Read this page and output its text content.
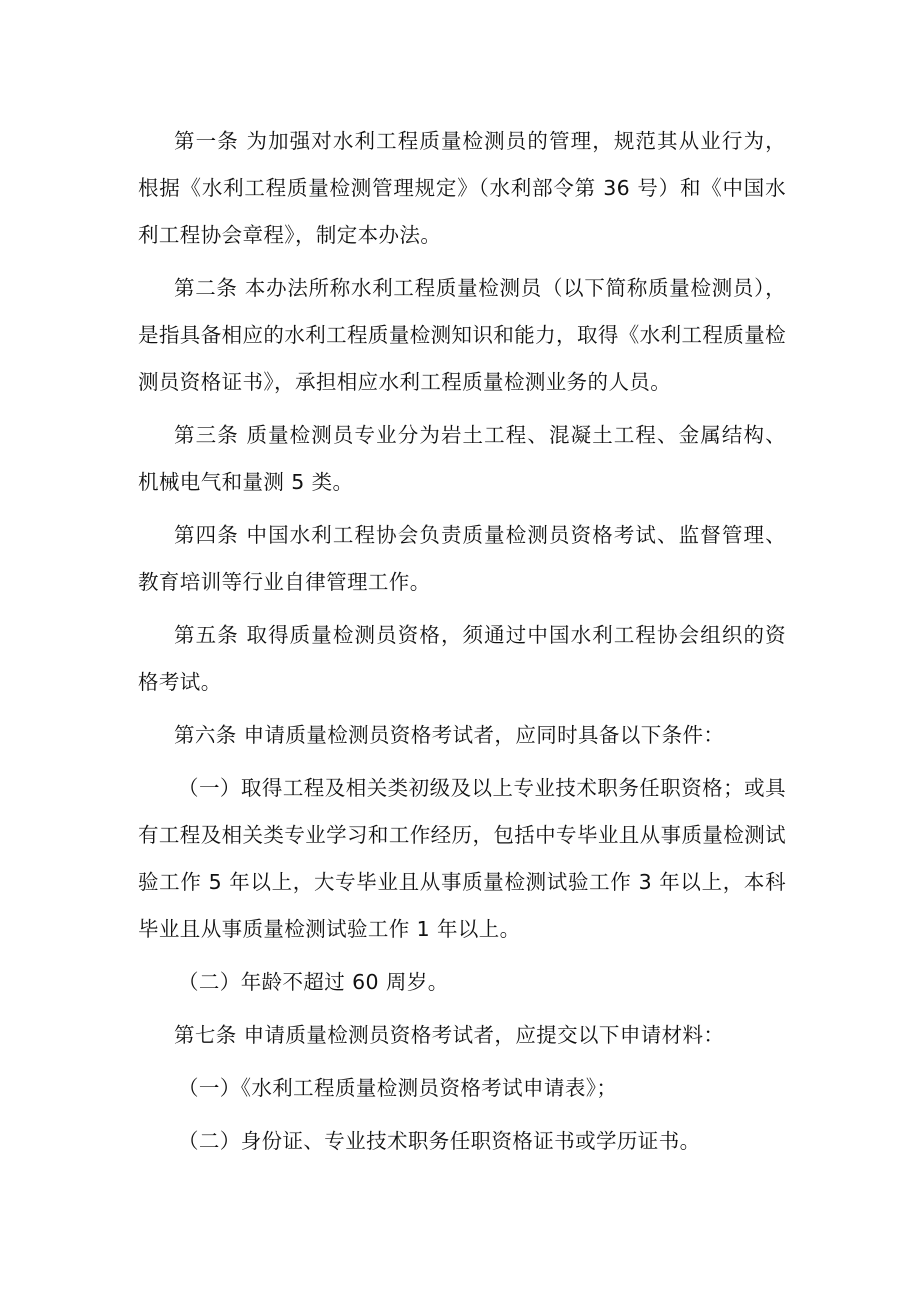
第一条 为加强对水利工程质量检测员的管理，规范其从业行为，根据《水利工程质量检测管理规定》（水利部令第 36 号）和《中国水利工程协会章程》，制定本办法。

第二条 本办法所称水利工程质量检测员（以下简称质量检测员），是指具备相应的水利工程质量检测知识和能力，取得《水利工程质量检测员资格证书》，承担相应水利工程质量检测业务的人员。

第三条 质量检测员专业分为岩土工程、混凝土工程、金属结构、机械电气和量测 5 类。

第四条 中国水利工程协会负责质量检测员资格考试、监督管理、教育培训等行业自律管理工作。

第五条 取得质量检测员资格，须通过中国水利工程协会组织的资格考试。

第六条 申请质量检测员资格考试者，应同时具备以下条件：

（一）取得工程及相关类初级及以上专业技术职务任职资格；或具有工程及相关类专业学习和工作经历，包括中专毕业且从事质量检测试验工作 5 年以上，大专毕业且从事质量检测试验工作 3 年以上，本科毕业且从事质量检测试验工作 1 年以上。

（二）年龄不超过 60 周岁。

第七条 申请质量检测员资格考试者，应提交以下申请材料：

（一）《水利工程质量检测员资格考试申请表》；

（二）身份证、专业技术职务任职资格证书或学历证书。
